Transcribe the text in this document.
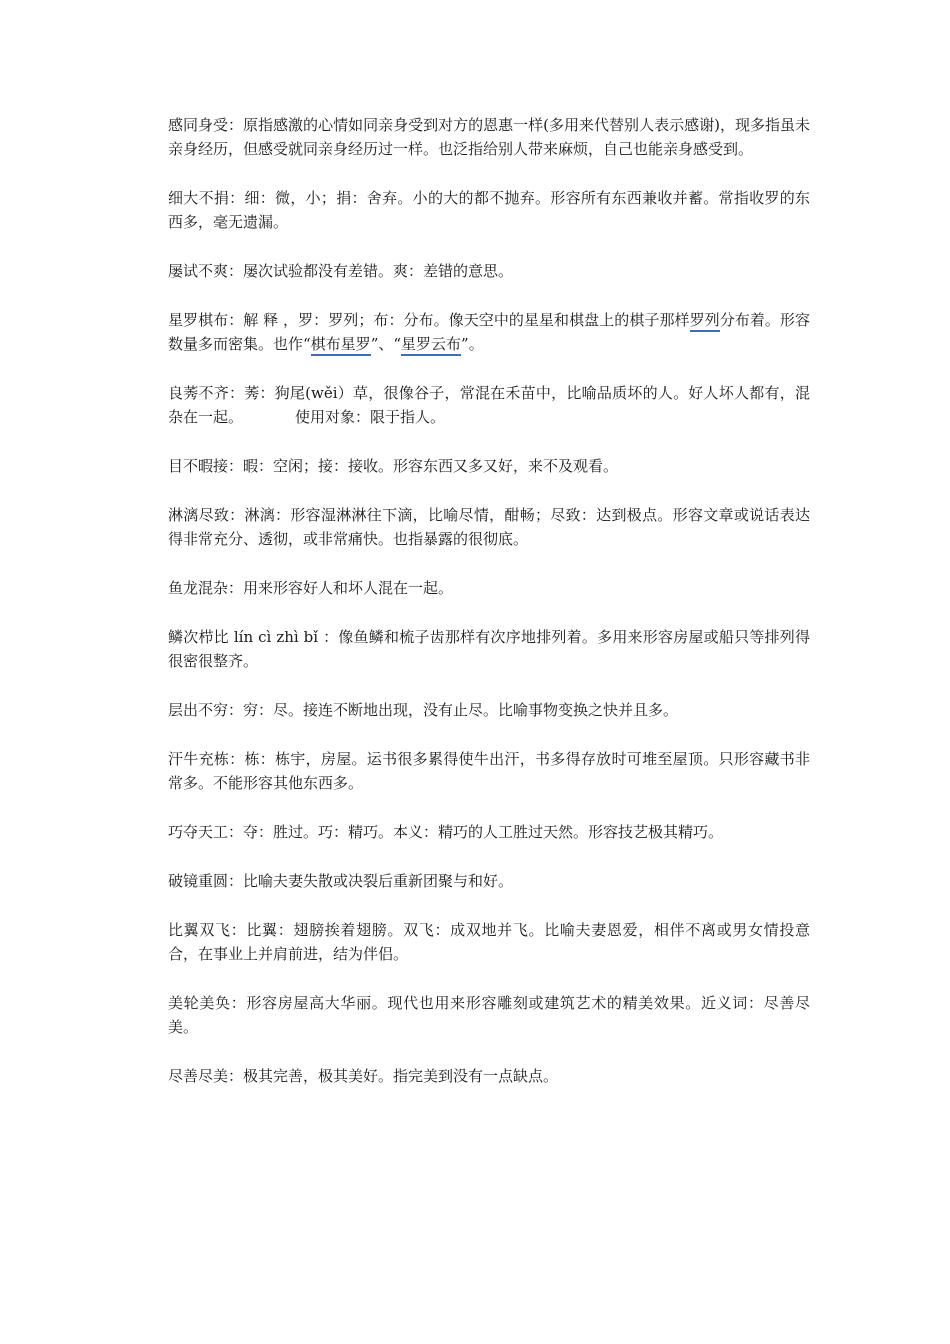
感同身受：原指感激的心情如同亲身受到对方的恩惠一样(多用来代替别人表示感谢)，现多指虽未亲身经历，但感受就同亲身经历过一样。也泛指给别人带来麻烦，自己也能亲身感受到。

细大不捐：细：微，小；捐：舍弃。小的大的都不抛弃。形容所有东西兼收并蓄。常指收罗的东西多，毫无遗漏。

屡试不爽：屡次试验都没有差错。爽：差错的意思。

星罗棋布：解 释 ，罗：罗列；布：分布。像天空中的星星和棋盘上的棋子那样罗列分布着。形容数量多而密集。也作“棋布星罗”、“星罗云布”。

良莠不齐：莠：狗尾(wěi）草，很像谷子，常混在禾苗中，比喻品质坏的人。好人坏人都有，混杂在一起。	使用对象：限于指人。

目不暇接：暇：空闲；接：接收。形容东西又多又好，来不及观看。

淋漓尽致：淋漓：形容湿淋淋往下滴，比喻尽情，酣畅；尽致：达到极点。形容文章或说话表达得非常充分、透彻，或非常痛快。也指暴露的很彻底。

鱼龙混杂：用来形容好人和坏人混在一起。

鳞次栉比 lín cì zhì bǐ ：像鱼鳞和梳子齿那样有次序地排列着。多用来形容房屋或船只等排列得很密很整齐。

层出不穷：穷：尽。接连不断地出现，没有止尽。比喻事物变换之快并且多。

汗牛充栋：栋：栋宇，房屋。运书很多累得使牛出汗，书多得存放时可堆至屋顶。只形容藏书非常多。不能形容其他东西多。

巧夺天工：夺：胜过。巧：精巧。本义：精巧的人工胜过天然。形容技艺极其精巧。

破镜重圆：比喻夫妻失散或决裂后重新团聚与和好。

比翼双飞：比翼：翅膀挨着翅膀。双飞：成双地并飞。比喻夫妻恩爱，相伴不离或男女情投意合，在事业上并肩前进，结为伴侣。

美轮美奂：形容房屋高大华丽。现代也用来形容雕刻或建筑艺术的精美效果。近义词：尽善尽美。

尽善尽美：极其完善，极其美好。指完美到没有一点缺点。
